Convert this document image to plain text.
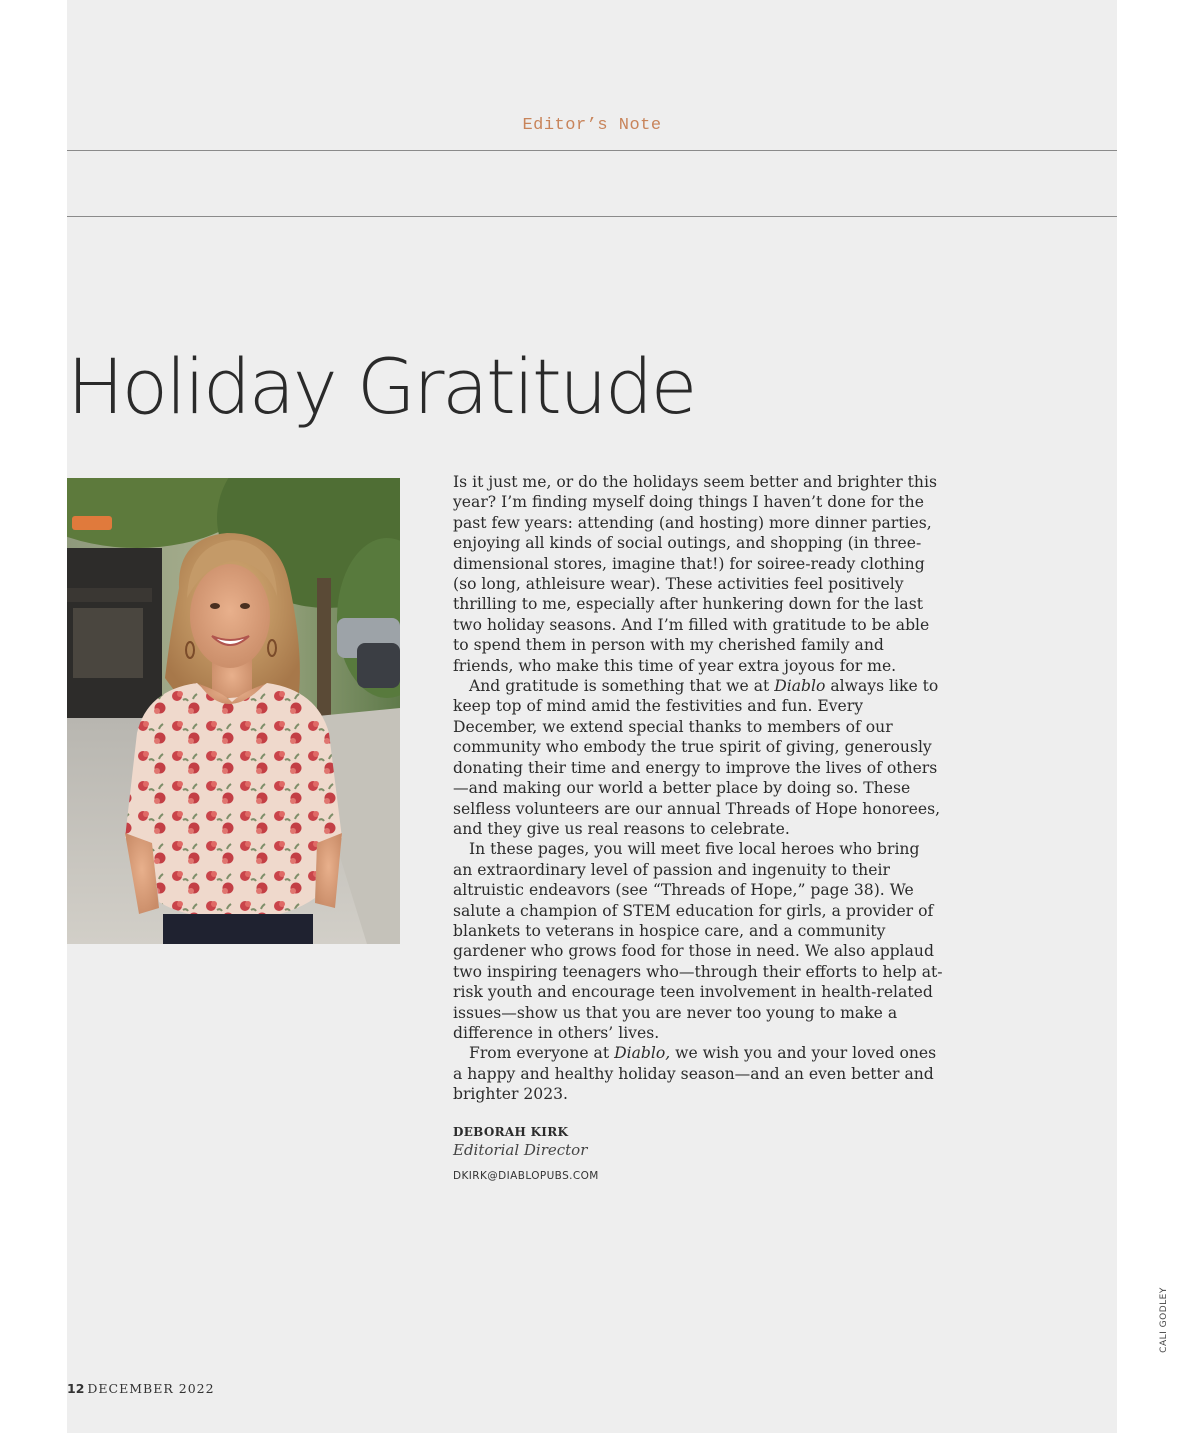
Editor’s Note
Holiday Gratitude

Is it just me, or do the holidays seem better and brighter this year? I’m finding myself doing things I haven’t done for the past few years: attending (and hosting) more dinner parties, enjoying all kinds of social outings, and shopping (in three-dimensional stores, imagine that!) for soiree-ready clothing (so long, athleisure wear). These activities feel positively thrilling to me, especially after hunkering down for the last two holiday seasons. And I’m filled with gratitude to be able to spend them in person with my cherished family and friends, who make this time of year extra joyous for me.

And gratitude is something that we at Diablo always like to keep top of mind amid the festivities and fun. Every December, we extend special thanks to members of our community who embody the true spirit of giving, generously donating their time and energy to improve the lives of others—and making our world a better place by doing so. These selfless volunteers are our annual Threads of Hope honorees, and they give us real reasons to celebrate.

In these pages, you will meet five local heroes who bring an extraordinary level of passion and ingenuity to their altruistic endeavors (see “Threads of Hope,” page 38). We salute a champion of STEM education for girls, a provider of blankets to veterans in hospice care, and a community gardener who grows food for those in need. We also applaud two inspiring teenagers who—through their efforts to help at-risk youth and encourage teen involvement in health-related issues—show us that you are never too young to make a difference in others’ lives.

From everyone at Diablo, we wish you and your loved ones a happy and healthy holiday season—and an even better and brighter 2023.

DEBORAH KIRK
Editorial Director
DKIRK@DIABLOPUBS.COM
CALI GODLEY
12 DECEMBER 2022
